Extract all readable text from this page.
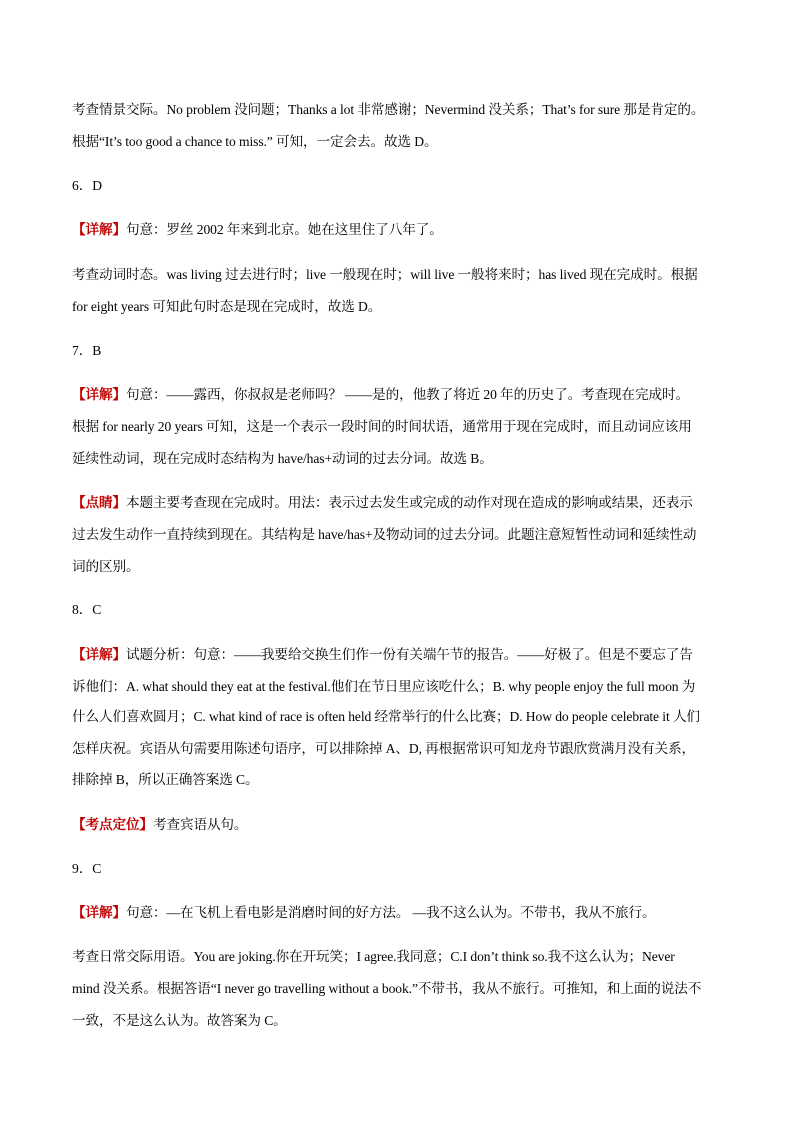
考查情景交际。No problem 没问题；Thanks a lot 非常感谢；Nevermind 没关系；That’s for sure 那是肯定的。
根据“It’s too good a chance to miss.” 可知，一定会去。故选 D。
6．D
【详解】句意：罗丝 2002 年来到北京。她在这里住了八年了。
考查动词时态。was living 过去进行时；live 一般现在时；will live 一般将来时；has lived 现在完成时。根据
for eight years 可知此句时态是现在完成时，故选 D。
7．B
【详解】句意：——露西，你叔叔是老师吗？ ——是的，他教了将近 20 年的历史了。考查现在完成时。
根据 for nearly 20 years 可知，这是一个表示一段时间的时间状语，通常用于现在完成时，而且动词应该用
延续性动词，现在完成时态结构为 have/has+动词的过去分词。故选 B。
【点睛】本题主要考查现在完成时。用法：表示过去发生或完成的动作对现在造成的影响或结果，还表示
过去发生动作一直持续到现在。其结构是 have/has+及物动词的过去分词。此题注意短暂性动词和延续性动
词的区别。
8．C
【详解】试题分析：句意：——我要给交换生们作一份有关端午节的报告。——好极了。但是不要忘了告
诉他们：A. what should they eat at the festival.他们在节日里应该吃什么；B. why people enjoy the full moon 为
什么人们喜欢圆月；C. what kind of race is often held 经常举行的什么比赛；D. How do people celebrate it 人们
怎样庆祝。宾语从句需要用陈述句语序，可以排除掉 A、D, 再根据常识可知龙舟节跟欣赏满月没有关系，
排除掉 B，所以正确答案选 C。
【考点定位】考查宾语从句。
9．C
【详解】句意：—在飞机上看电影是消磨时间的好方法。 —我不这么认为。不带书，我从不旅行。
考查日常交际用语。You are joking.你在开玩笑；I agree.我同意；C.I don’t think so.我不这么认为；Never
mind 没关系。根据答语“I never go travelling without a book.”不带书，我从不旅行。可推知，和上面的说法不
一致，不是这么认为。故答案为 C。
